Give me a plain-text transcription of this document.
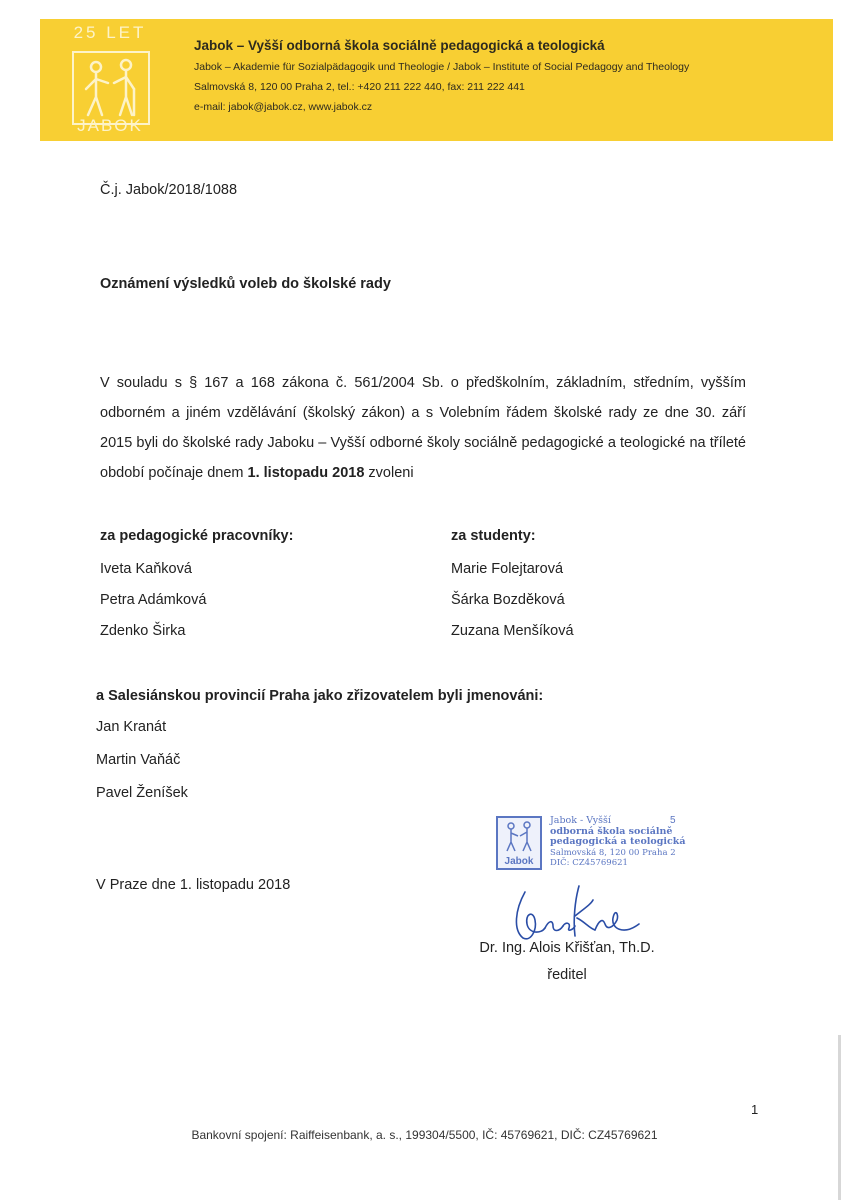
25 LET
JABOK
Jabok – Vyšší odborná škola sociálně pedagogická a teologická
Jabok – Akademie für Sozialpädagogik und Theologie / Jabok – Institute of Social Pedagogy and Theology
Salmovská 8, 120 00 Praha 2, tel.: +420 211 222 440, fax: 211 222 441
e-mail: jabok@jabok.cz, www.jabok.cz
Č.j. Jabok/2018/1088
Oznámení výsledků voleb do školské rady
V souladu s § 167 a 168 zákona č. 561/2004 Sb. o předškolním, základním, středním, vyšším odborném a jiném vzdělávání (školský zákon) a s Volebním řádem školské rady ze dne 30. září 2015 byli do školské rady Jaboku – Vyšší odborné školy sociálně pedagogické a teologické na tříleté období počínaje dnem 1. listopadu 2018 zvoleni
za pedagogické pracovníky:
Iveta Kaňková
Petra Adámková
Zdenko Širka
za studenty:
Marie Folejtarová
Šárka Bozděková
Zuzana Menšíková
a Salesiánskou provincií Praha jako zřizovatelem byli jmenováni:
Jan Kranát
Martin Vaňáč
Pavel Ženíšek
Jabok
Jabok - Vyšší
odborná škola sociálně
pedagogická a teologická
Salmovská 8, 120 00 Praha 2
DIČ: CZ45769621
5
V Praze dne 1. listopadu 2018
Dr. Ing. Alois Křišťan, Th.D.
ředitel
1
Bankovní spojení: Raiffeisenbank, a. s., 199304/5500, IČ: 45769621, DIČ: CZ45769621
